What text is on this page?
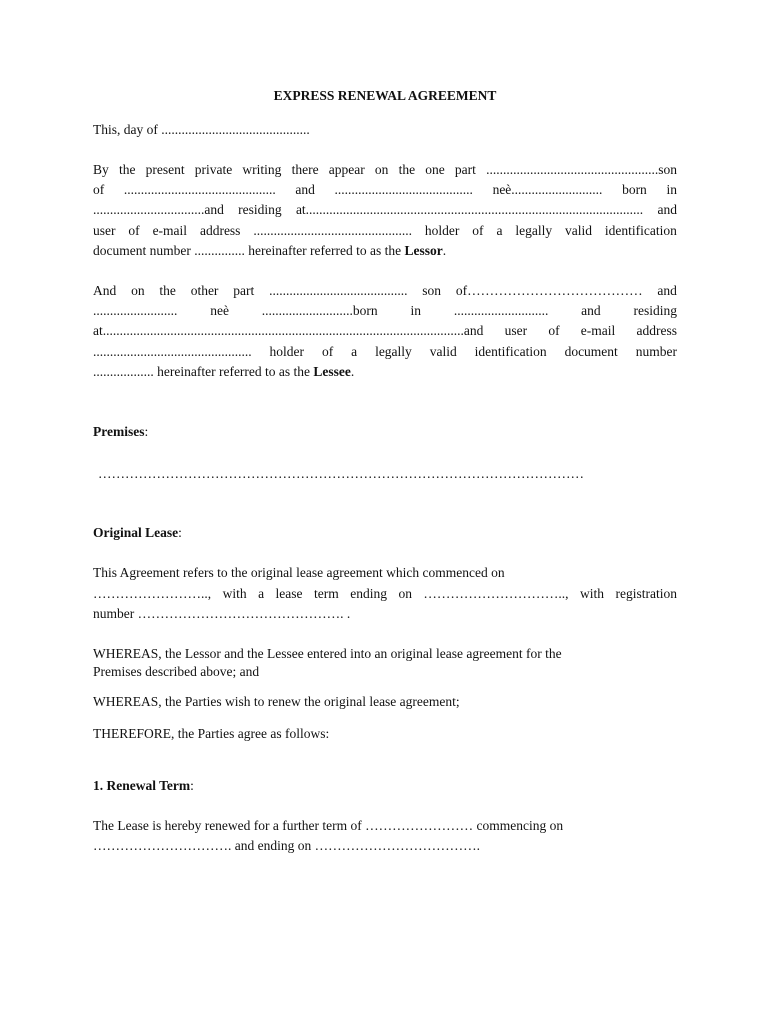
EXPRESS RENEWAL AGREEMENT
This, day of ............................................
By the present private writing there appear on the one part ...................................................son
of ............................................. and ......................................... neè........................... born in
.................................and residing at.................................................................................................... and
user of e-mail address ............................................... holder of a legally valid identification
document number ............... hereinafter referred to as the Lessor.
And on the other part ......................................... son of………………………………… and
......................... neè ...........................born in ............................ and residing
at...........................................................................................................and user of e-mail address
............................................... holder of a legally valid identification document number
.................. hereinafter referred to as the Lessee.
Premises:
………………………………………………………………………………………………
Original Lease:
This Agreement refers to the original lease agreement which commenced on
…………………….., with a lease term ending on ………………………….., with registration
number ………………………………………. .
WHEREAS, the Lessor and the Lessee entered into an original lease agreement for the
Premises described above; and
WHEREAS, the Parties wish to renew the original lease agreement;
THEREFORE, the Parties agree as follows:
1. Renewal Term:
The Lease is hereby renewed for a further term of …………………… commencing on
…………………………. and ending on ……………………………….
